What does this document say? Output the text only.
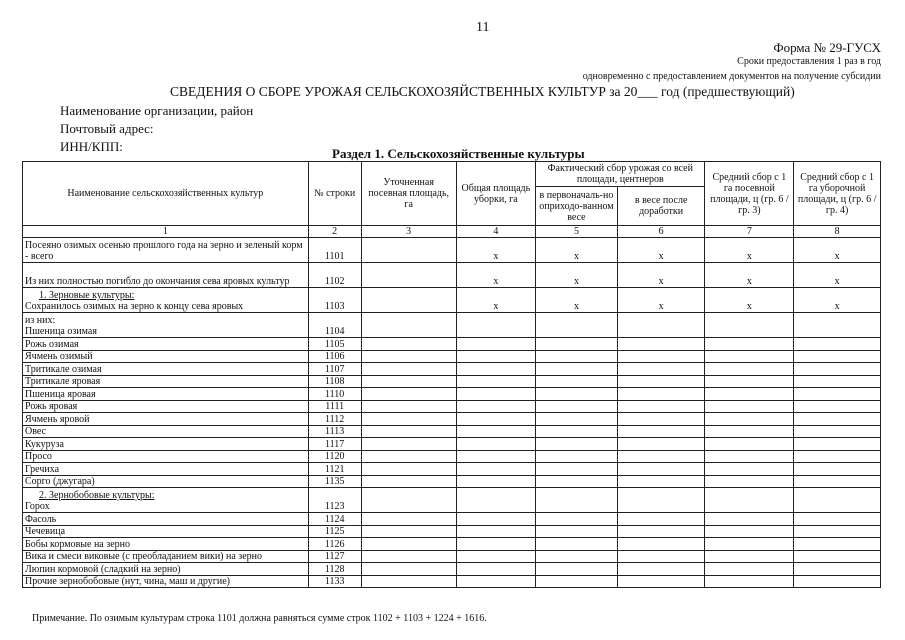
11
Форма № 29-ГУСХ
Сроки предоставления 1 раз в год
одновременно с предоставлением документов на получение субсидии
СВЕДЕНИЯ О СБОРЕ УРОЖАЯ СЕЛЬСКОХОЗЯЙСТВЕННЫХ КУЛЬТУР за 20___ год (предшествующий)
Наименование организации, район
Почтовый адрес:
ИНН/КПП:	Раздел 1. Сельскохозяйственные культуры
Наименование сельскохозяйственных культур	№ строки	Уточненная посевная площадь, га	Общая площадь уборки, га	Фактический сбор урожая со всей площади, центнеров		Средний сбор с 1 га посевной площади, ц (гр. 6 / гр. 3)	Средний сбор с 1 га уборочной площади, ц (гр. 6 / гр. 4)
				в первоначаль-но оприходо-ванном весе	в весе после доработки		
1	2	3	4	5	6	7	8

Посеяно озимых осенью прошлого года на зерно и зеленый корм - всего	1101		x	x	x	x	x

Из них полностью погибло до окончания сева яровых культур	1102		x	x	x	x	x

1. Зерновые культуры:
Сохранилось озимых на зерно к концу сева яровых	1103		x	x	x	x	x

из них:
Пшеница озимая	1104						

Рожь озимая	1105						

Ячмень озимый	1106						

Тритикале озимая	1107						

Тритикале яровая	1108						

Пшеница яровая	1110						

Рожь яровая	1111						

Ячмень яровой	1112						

Овес	1113						

Кукуруза	1117						

Просо	1120						

Гречиха	1121						

Сорго (джугара)	1135						

2. Зернобобовые культуры:
Горох	1123						

Фасоль	1124						

Чечевица	1125						

Бобы кормовые на зерно	1126						

Вика и смеси виковые (с преобладанием вики) на зерно	1127						

Люпин кормовой (сладкий на зерно)	1128						

Прочие зернобобовые (нут, чина, маш и другие)	1133						
Примечание. По озимым культурам строка 1101 должна равняться сумме строк 1102 + 1103 + 1224 + 1616.
